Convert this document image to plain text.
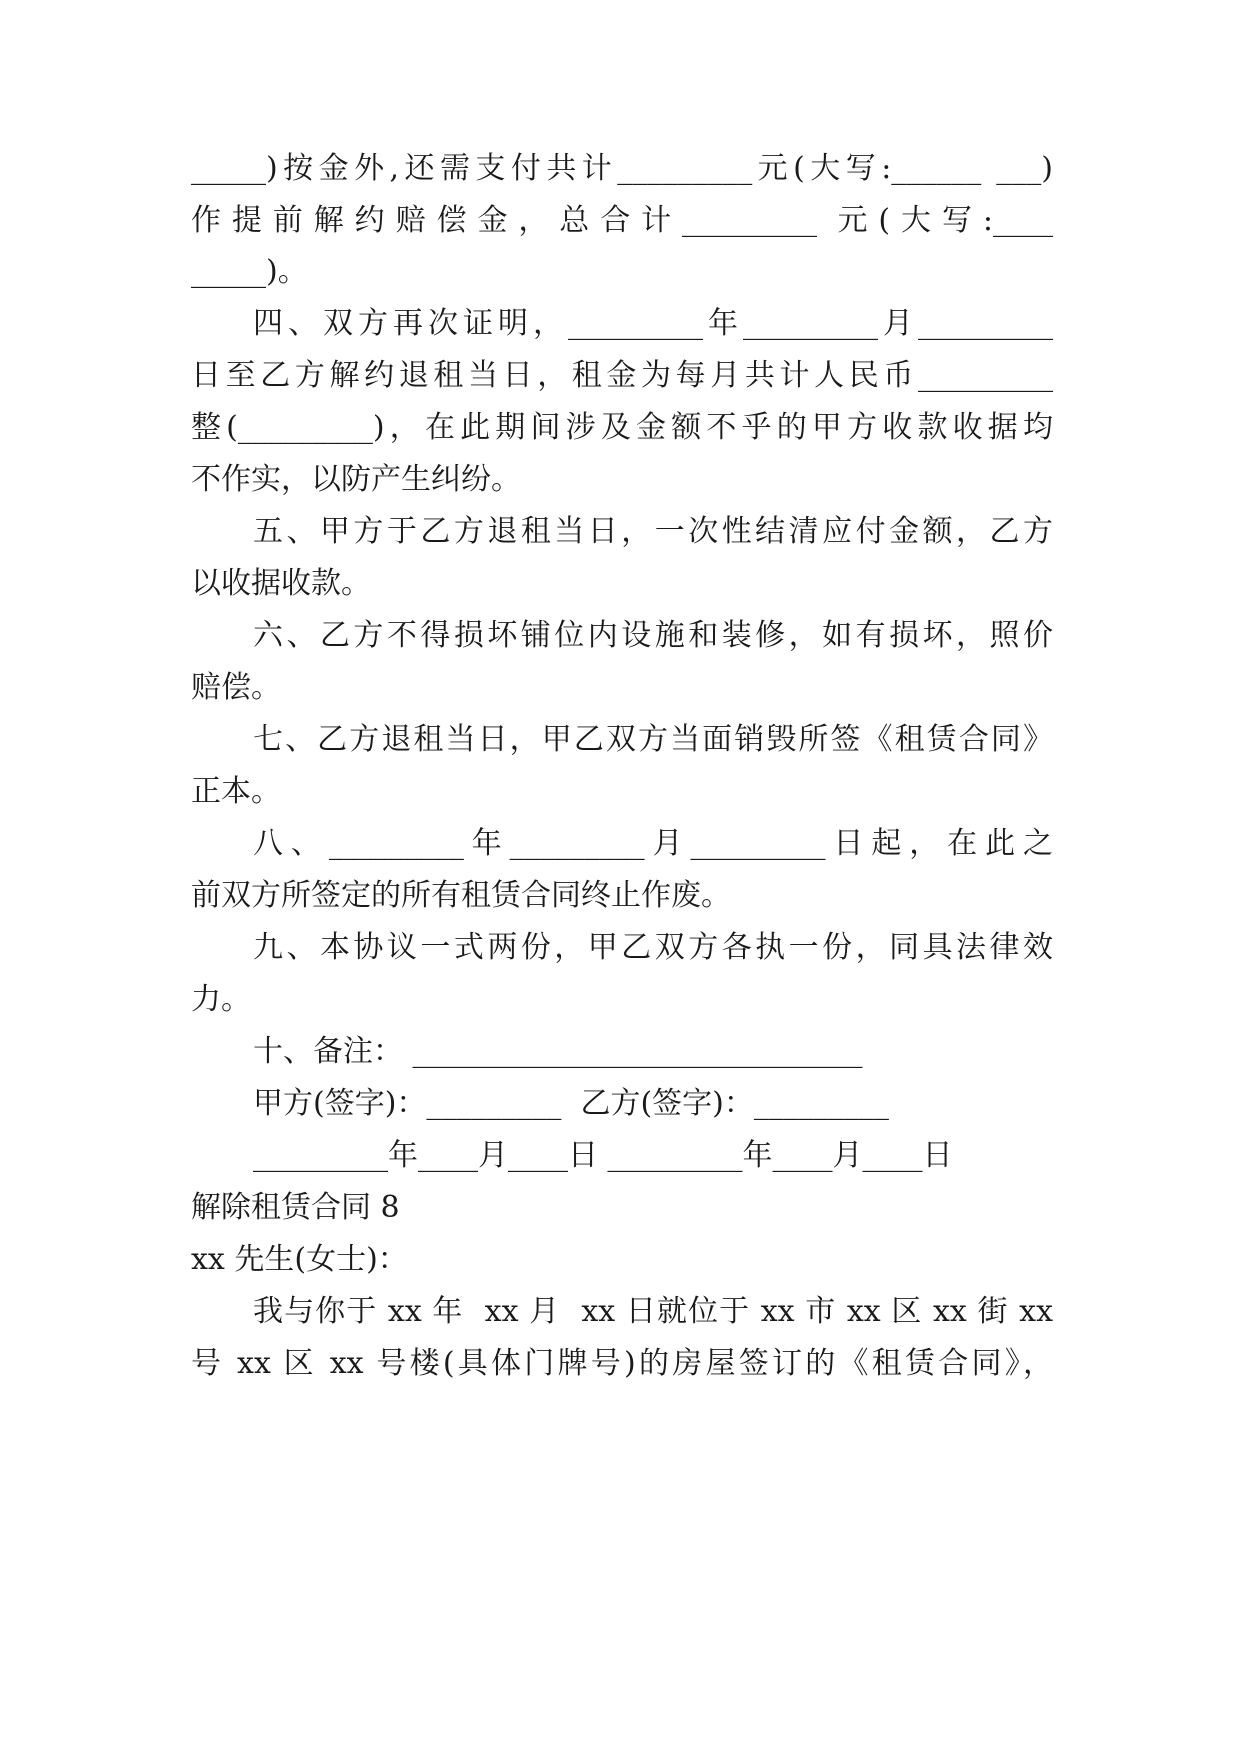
_____)按金外,还需支付共计_________元(大写:______ ___)
作提前解约赔偿金，总合计_________ 元(大写:____
_____)。
四、双方再次证明，_________年_________月_________
日至乙方解约退租当日，租金为每月共计人民币_________
整(_________)，在此期间涉及金额不乎的甲方收款收据均
不作实，以防产生纠纷。
五、甲方于乙方退租当日，一次性结清应付金额，乙方
以收据收款。
六、乙方不得损坏铺位内设施和装修，如有损坏，照价
赔偿。
七、乙方退租当日，甲乙双方当面销毁所签《租赁合同》
正本。
八、_________年_________月_________日起，在此之
前双方所签定的所有租赁合同终止作废。
九、本协议一式两份，甲乙双方各执一份，同具法律效
力。
十、备注： ______________________________
甲方(签字)：_________  乙方(签字)：_________
_________年____月____日 _________年____月____日
解除租赁合同 8
xx 先生(女士)：
我与你于 xx 年  xx 月  xx 日就位于 xx 市 xx 区 xx 街 xx
号 xx 区 xx 号楼(具体门牌号)的房屋签订的《租赁合同》，
